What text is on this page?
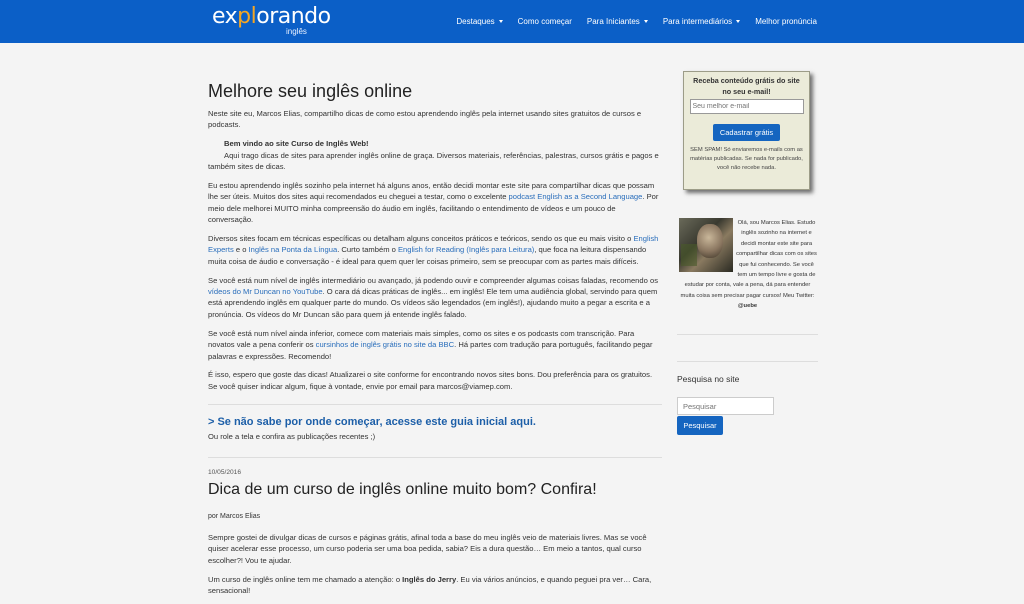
explorando
inglês
Destaques	Como começar Para Iniciantes	Para intermediários	Melhor pronúncia
Melhore seu inglês online

Neste site eu, Marcos Elias, compartilho dicas de como estou aprendendo inglês pela internet usando sites gratuitos de cursos e podcasts.

Bem vindo ao site Curso de Inglês Web!

Aqui trago dicas de sites para aprender inglês online de graça. Diversos materiais, referências, palestras, cursos grátis e pagos e também sites de dicas.

Eu estou aprendendo inglês sozinho pela internet há alguns anos, então decidi montar este site para compartilhar dicas que possam lhe ser úteis. Muitos dos sites aqui recomendados eu cheguei a testar, como o excelente podcast English as a Second Language. Por meio dele melhorei MUITO minha compreensão do áudio em inglês, facilitando o entendimento de vídeos e um pouco de conversação.

Diversos sites focam em técnicas específicas ou detalham alguns conceitos práticos e teóricos, sendo os que eu mais visito o English Experts e o Inglês na Ponta da Língua. Curto também o English for Reading (Inglês para Leitura), que foca na leitura dispensando muita coisa de áudio e conversação - é ideal para quem quer ler coisas primeiro, sem se preocupar com as partes mais difíceis.

Se você está num nível de inglês intermediário ou avançado, já podendo ouvir e compreender algumas coisas faladas, recomendo os vídeos do Mr Duncan no YouTube. O cara dá dicas práticas de inglês... em inglês! Ele tem uma audiência global, servindo para quem está aprendendo inglês em qualquer parte do mundo. Os vídeos são legendados (em inglês!), ajudando muito a pegar a escrita e a pronúncia. Os vídeos do Mr Duncan são para quem já entende inglês falado.

Se você está num nível ainda inferior, comece com materiais mais simples, como os sites e os podcasts com transcrição. Para novatos vale a pena conferir os cursinhos de inglês grátis no site da BBC. Há partes com tradução para português, facilitando pegar palavras e expressões. Recomendo!

É isso, espero que goste das dicas! Atualizarei o site conforme for encontrando novos sites bons. Dou preferência para os gratuitos. Se você quiser indicar algum, fique à vontade, envie por email para marcos@viamep.com.

> Se não sabe por onde começar, acesse este guia inicial aqui.
Ou role a tela e confira as publicações recentes ;)
10/05/2016
Dica de um curso de inglês online muito bom? Confira!

por Marcos Elias

Sempre gostei de divulgar dicas de cursos e páginas grátis, afinal toda a base do meu inglês veio de materiais livres. Mas se você quiser acelerar esse processo, um curso poderia ser uma boa pedida, sabia? Eis a dura questão… Em meio a tantos, qual curso escolher?! Vou te ajudar.

Um curso de inglês online tem me chamado a atenção: o Inglês do Jerry. Eu via vários anúncios, e quando peguei pra ver… Cara, sensacional!

Receba conteúdo grátis do site no seu e-mail!
Seu melhor e-mail Cadastrar grátis
SEM SPAM! Só enviaremos e-mails com as matérias publicadas. Se nada for publicado, você não recebe nada.
Olá, sou Marcos Elias. Estudo inglês sozinho na internet e decidi montar este site para compartilhar dicas com os sites que fui conhecendo. Se você tem um tempo livre e gosta de estudar por conta, vale a pena, dá para entender muita coisa sem precisar pagar cursos! Meu Twitter: @uebe
Pesquisa no site
Pesquisar
Pesquisar
